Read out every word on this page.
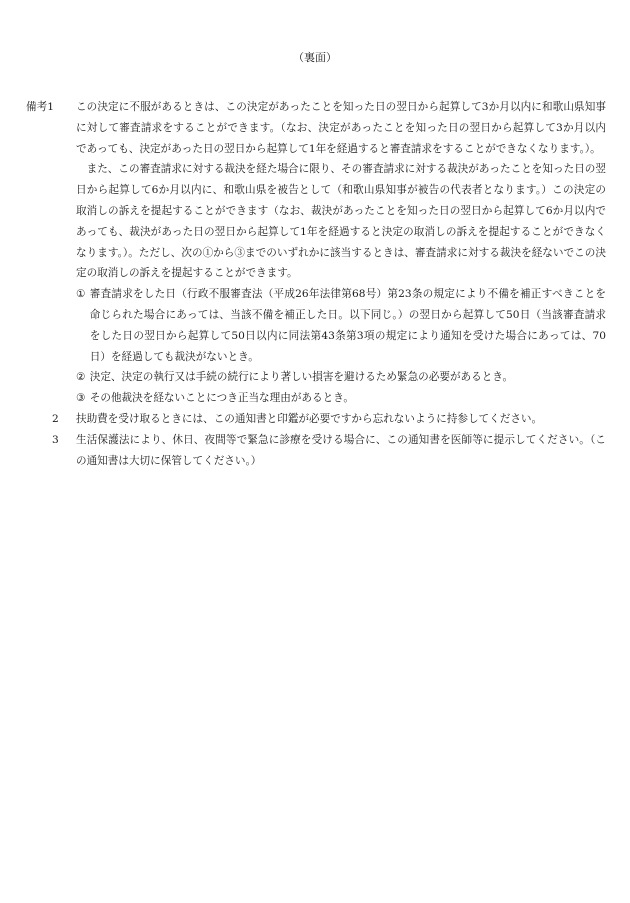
（裏面）
備考1 この決定に不服があるときは、この決定があったことを知った日の翌日から起算して3か月以内に和歌山県知事に対して審査請求をすることができます。（なお、決定があったことを知った日の翌日から起算して3か月以内であっても、決定があった日の翌日から起算して1年を経過すると審査請求をすることができなくなります。）。

また、この審査請求に対する裁決を経た場合に限り、その審査請求に対する裁決があったことを知った日の翌日から起算して6か月以内に、和歌山県を被告として（和歌山県知事が被告の代表者となります。）この決定の取消しの訴えを提起することができます（なお、裁決があったことを知った日の翌日から起算して6か月以内であっても、裁決があった日の翌日から起算して1年を経過すると決定の取消しの訴えを提起することができなくなります。）。ただし、次の①から③までのいずれかに該当するときは、審査請求に対する裁決を経ないでこの決定の取消しの訴えを提起することができます。

① 審査請求をした日（行政不服審査法（平成26年法律第68号）第23条の規定により不備を補正すべきことを命じられた場合にあっては、当該不備を補正した日。以下同じ。）の翌日から起算して50日（当該審査請求をした日の翌日から起算して50日以内に同法第43条第3項の規定により通知を受けた場合にあっては、70日）を経過しても裁決がないとき。
② 決定、決定の執行又は手続の続行により著しい損害を避けるため緊急の必要があるとき。
③ その他裁決を経ないことにつき正当な理由があるとき。
2 扶助費を受け取るときには、この通知書と印鑑が必要ですから忘れないように持参してください。

3 生活保護法により、休日、夜間等で緊急に診療を受ける場合に、この通知書を医師等に提示してください。（この通知書は大切に保管してください。）
